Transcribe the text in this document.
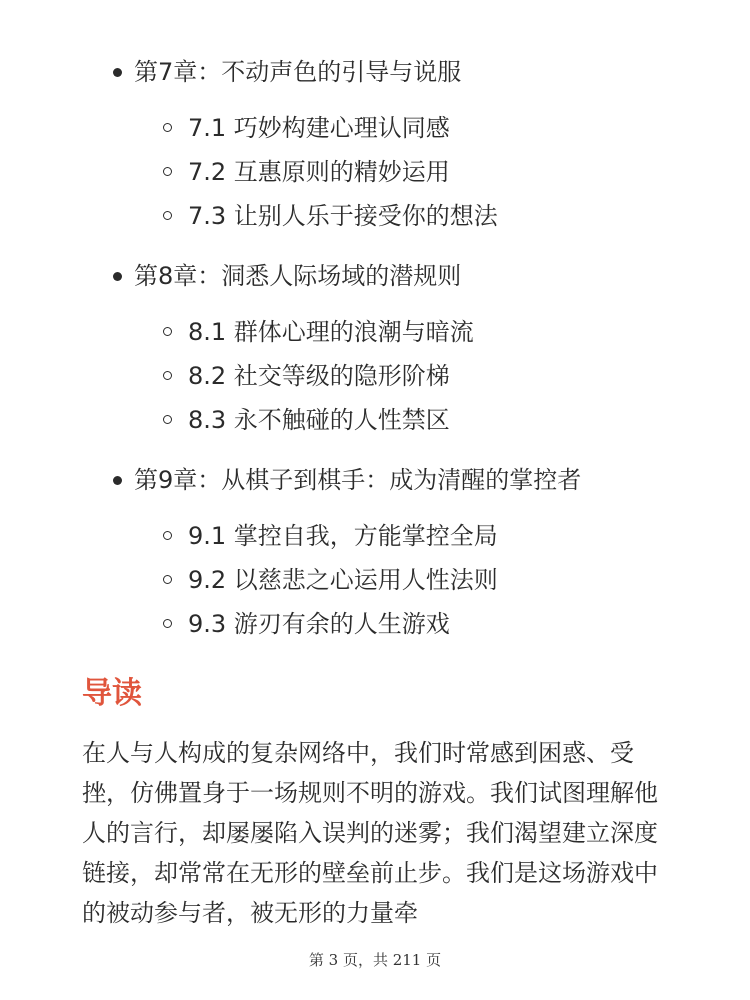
第7章：不动声色的引导与说服
7.1 巧妙构建心理认同感
7.2 互惠原则的精妙运用
7.3 让别人乐于接受你的想法
第8章：洞悉人际场域的潜规则
8.1 群体心理的浪潮与暗流
8.2 社交等级的隐形阶梯
8.3 永不触碰的人性禁区
第9章：从棋子到棋手：成为清醒的掌控者
9.1 掌控自我，方能掌控全局
9.2 以慈悲之心运用人性法则
9.3 游刃有余的人生游戏
导读

在人与人构成的复杂网络中，我们时常感到困惑、受挫，仿佛置身于一场规则不明的游戏。我们试图理解他人的言行，却屡屡陷入误判的迷雾；我们渴望建立深度链接，却常常在无形的壁垒前止步。我们是这场游戏中的被动参与者，被无形的力量牵

第 3 页，共 211 页
